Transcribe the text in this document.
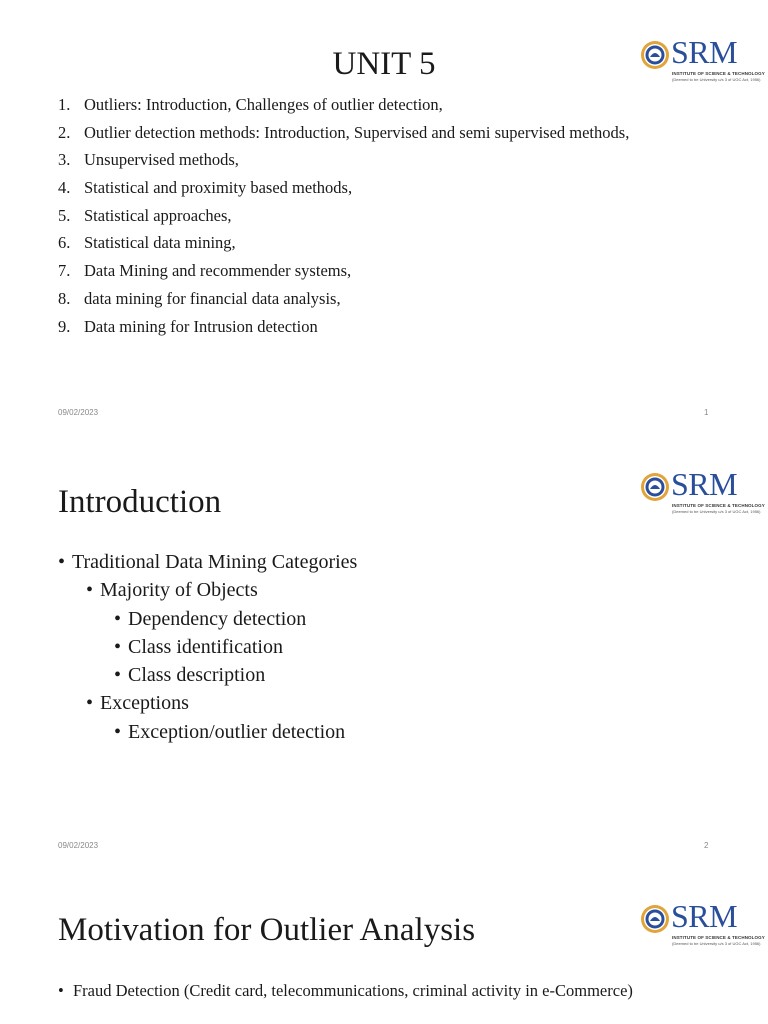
SRM
INSTITUTE OF SCIENCE & TECHNOLOGY
(Deemed to be University u/s 3 of UGC Act, 1956)
UNIT 5
1. Outliers: Introduction, Challenges of outlier detection,
2. Outlier detection methods: Introduction, Supervised and semi supervised methods,
3. Unsupervised methods,
4. Statistical and proximity based methods,
5. Statistical approaches,
6. Statistical data mining,
7. Data Mining and recommender systems,
8. data mining for financial data analysis,
9. Data mining for Intrusion detection
09/02/2023	1
SRM
INSTITUTE OF SCIENCE & TECHNOLOGY
(Deemed to be University u/s 3 of UGC Act, 1956)
Introduction
• Traditional Data Mining Categories
• Majority of Objects
• Dependency detection
• Class identification
• Class description
• Exceptions
• Exception/outlier detection
09/02/2023	2
SRM
INSTITUTE OF SCIENCE & TECHNOLOGY
(Deemed to be University u/s 3 of UGC Act, 1956)
Motivation for Outlier Analysis
• Fraud Detection (Credit card, telecommunications, criminal activity in e-Commerce)
